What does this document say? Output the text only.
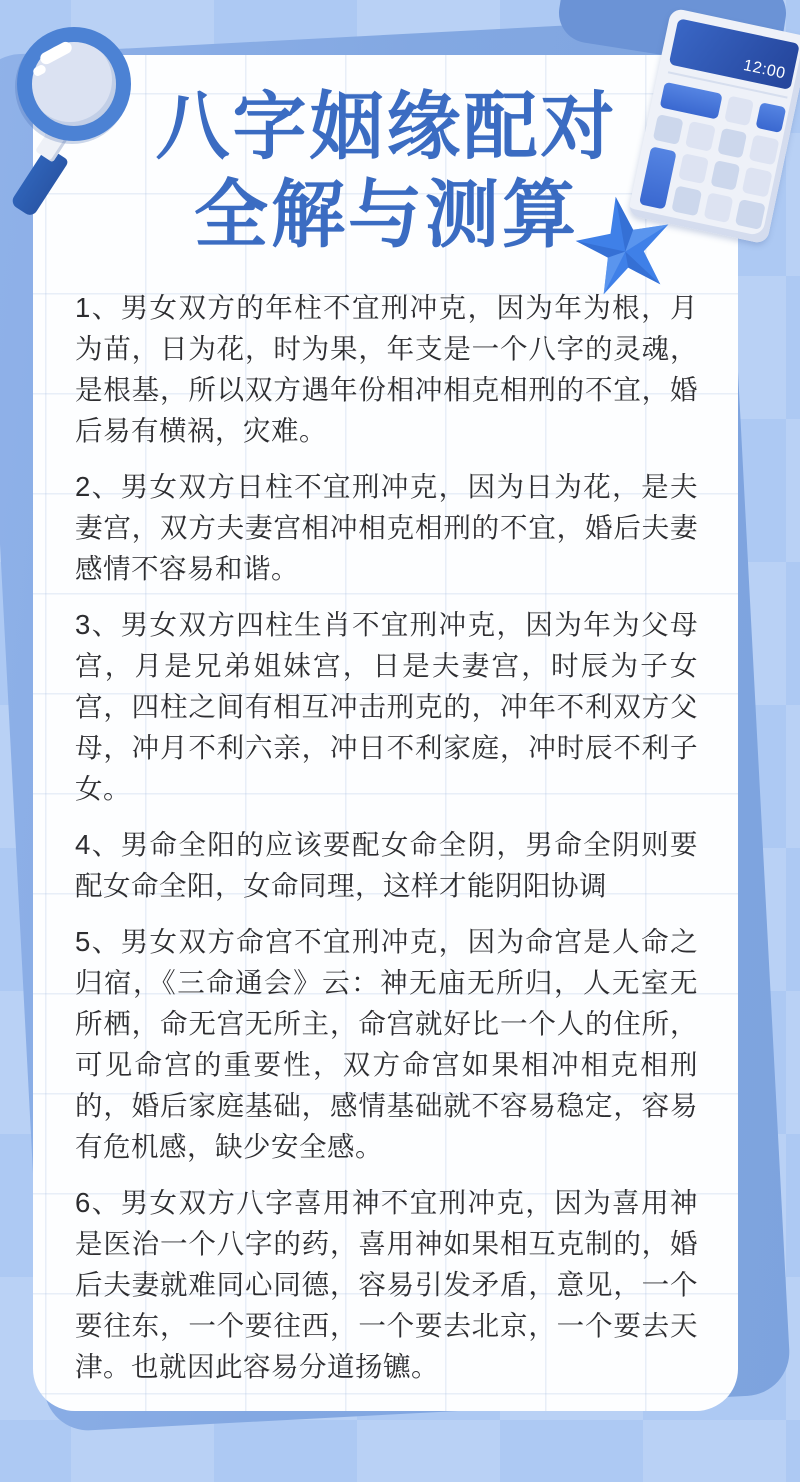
八字姻缘配对
全解与测算

1、男女双方的年柱不宜刑冲克，因为年为根，月为苗，日为花，时为果，年支是一个八字的灵魂，是根基，所以双方遇年份相冲相克相刑的不宜，婚后易有横祸，灾难。

2、男女双方日柱不宜刑冲克，因为日为花，是夫妻宫，双方夫妻宫相冲相克相刑的不宜，婚后夫妻感情不容易和谐。

3、男女双方四柱生肖不宜刑冲克，因为年为父母宫，月是兄弟姐妹宫，日是夫妻宫，时辰为子女宫，四柱之间有相互冲击刑克的，冲年不利双方父母，冲月不利六亲，冲日不利家庭，冲时辰不利子女。

4、男命全阳的应该要配女命全阴，男命全阴则要配女命全阳，女命同理，这样才能阴阳协调

5、男女双方命宫不宜刑冲克，因为命宫是人命之归宿，《三命通会》云：神无庙无所归，人无室无所栖，命无宫无所主，命宫就好比一个人的住所，可见命宫的重要性，双方命宫如果相冲相克相刑的，婚后家庭基础，感情基础就不容易稳定，容易有危机感，缺少安全感。

6、男女双方八字喜用神不宜刑冲克，因为喜用神是医治一个八字的药，喜用神如果相互克制的，婚后夫妻就难同心同德，容易引发矛盾，意见，一个要往东，一个要往西，一个要去北京，一个要去天津。也就因此容易分道扬镳。

12:00
